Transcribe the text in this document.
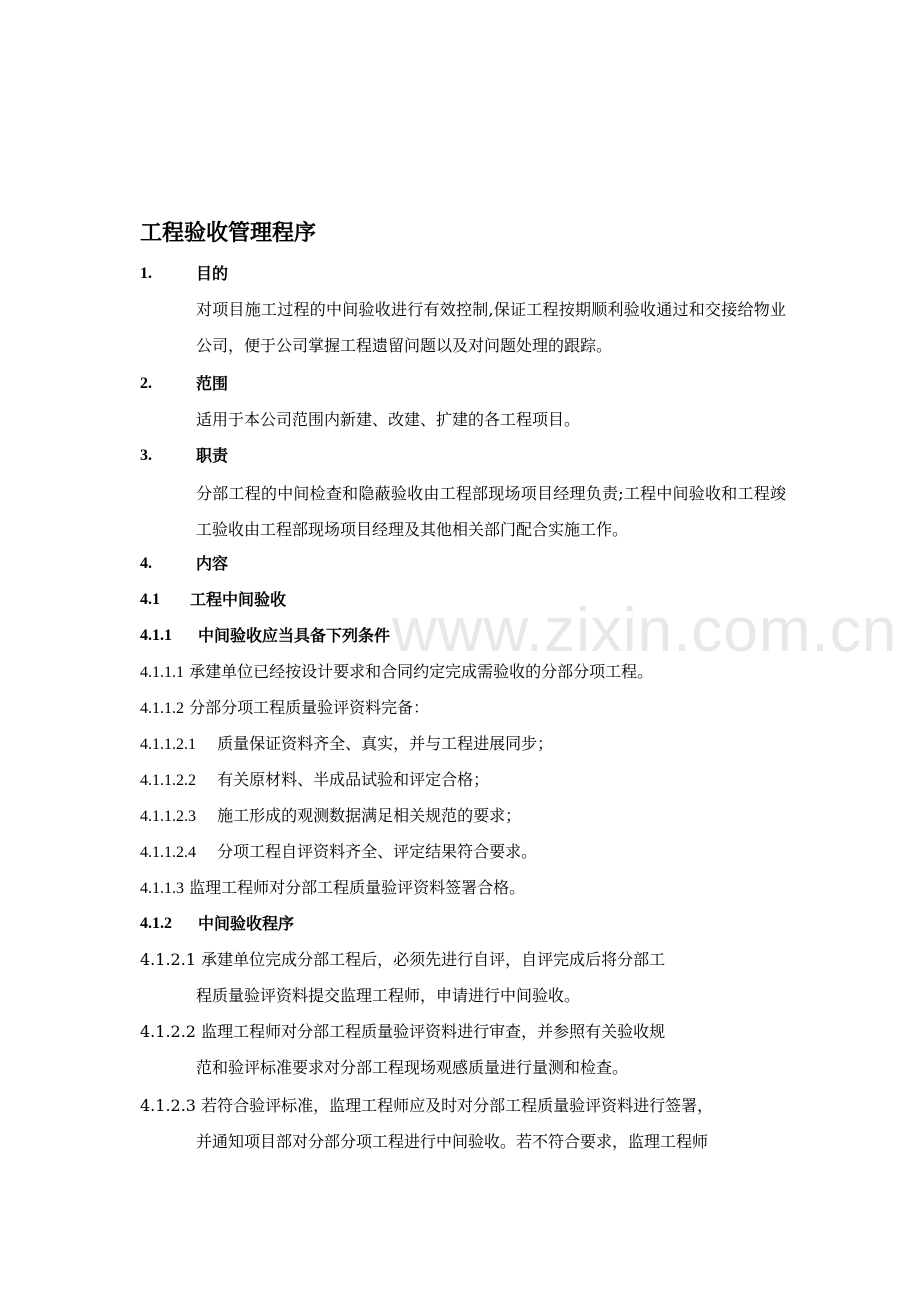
www.zixin.com.cn
工程验收管理程序
1.	目的

对项目施工过程的中间验收进行有效控制,保证工程按期顺利验收通过和交接给物业公司，便于公司掌握工程遗留问题以及对问题处理的跟踪。

2.	范围

适用于本公司范围内新建、改建、扩建的各工程项目。

3.	职责

分部工程的中间检查和隐蔽验收由工程部现场项目经理负责;工程中间验收和工程竣工验收由工程部现场项目经理及其他相关部门配合实施工作。

4.	内容
4.1 工程中间验收
4.1.1 中间验收应当具备下列条件

4.1.1.1 承建单位已经按设计要求和合同约定完成需验收的分部分项工程。

4.1.1.2 分部分项工程质量验评资料完备：

4.1.1.2.1 质量保证资料齐全、真实，并与工程进展同步；

4.1.1.2.2 有关原材料、半成品试验和评定合格；

4.1.1.2.3 施工形成的观测数据满足相关规范的要求；

4.1.1.2.4 分项工程自评资料齐全、评定结果符合要求。

4.1.1.3 监理工程师对分部工程质量验评资料签署合格。

4.1.2 中间验收程序

4.1.2.1 承建单位完成分部工程后，必须先进行自评，自评完成后将分部工
程质量验评资料提交监理工程师，申请进行中间验收。

4.1.2.2 监理工程师对分部工程质量验评资料进行审查，并参照有关验收规
范和验评标准要求对分部工程现场观感质量进行量测和检查。

4.1.2.3 若符合验评标准，监理工程师应及时对分部工程质量验评资料进行签署，
并通知项目部对分部分项工程进行中间验收。若不符合要求，监理工程师
